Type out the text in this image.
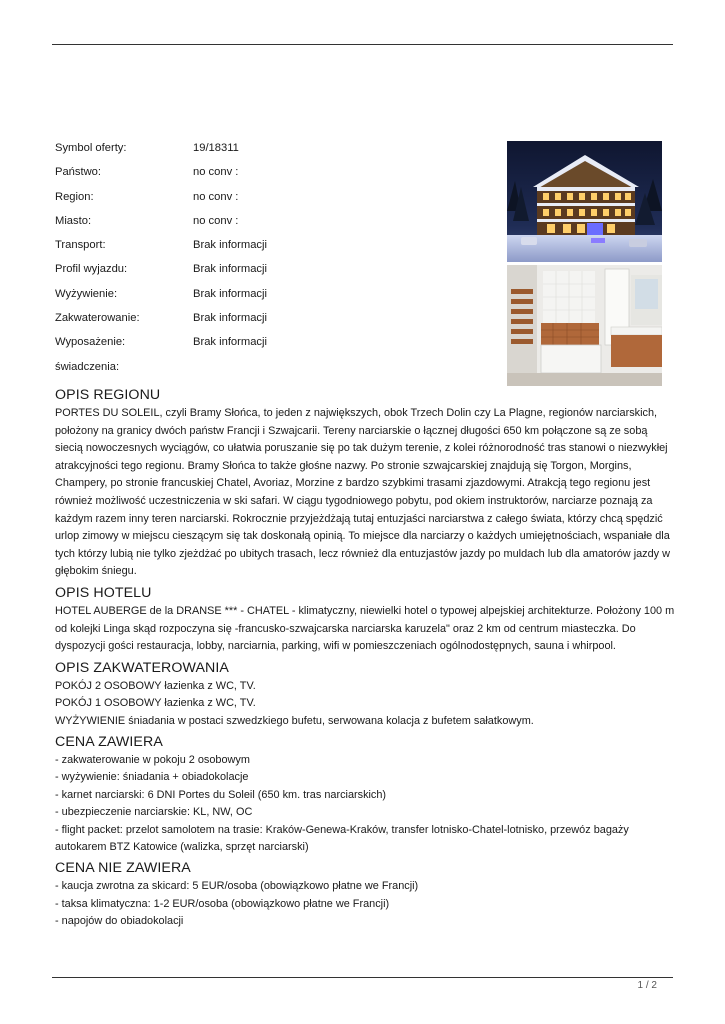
Symbol oferty:	19/18311
Państwo:	no conv :
Region:	no conv :
Miasto:	no conv :
Transport:	Brak informacji
Profil wyjazdu:	Brak informacji
Wyżywienie:	Brak informacji
Zakwaterowanie:	Brak informacji
Wyposażenie:	Brak informacji
świadczenia:
OPIS REGIONU

PORTES DU SOLEIL, czyli Bramy Słońca, to jeden z największych, obok Trzech Dolin czy La Plagne, regionów narciarskich, położony na granicy dwóch państw Francji i Szwajcarii. Tereny narciarskie o łącznej długości 650 km połączone są ze sobą siecią nowoczesnych wyciągów, co ułatwia poruszanie się po tak dużym terenie, z kolei różnorodność tras stanowi o niezwykłej atrakcyjności tego regionu. Bramy Słońca to także głośne nazwy. Po stronie szwajcarskiej znajdują się Torgon, Morgins, Champery, po stronie francuskiej Chatel, Avoriaz, Morzine z bardzo szybkimi trasami zjazdowymi. Atrakcją tego regionu jest również możliwość uczestniczenia w ski safari. W ciągu tygodniowego pobytu, pod okiem instruktorów, narciarze poznają za każdym razem inny teren narciarski. Rokrocznie przyjeżdżają tutaj entuzjaści narciarstwa z całego świata, którzy chcą spędzić urlop zimowy w miejscu cieszącym się tak doskonałą opinią. To miejsce dla narciarzy o każdych umiejętnościach, wspaniałe dla tych którzy lubią nie tylko zjeżdżać po ubitych trasach, lecz również dla entuzjastów jazdy po muldach lub dla amatorów jazdy w głębokim śniegu.

OPIS HOTELU

HOTEL AUBERGE de la DRANSE *** - CHATEL - klimatyczny, niewielki hotel o typowej alpejskiej architekturze. Położony 100 m od kolejki Linga skąd rozpoczyna się -francusko-szwajcarska narciarska karuzela" oraz 2 km od centrum miasteczka. Do dyspozycji gości restauracja, lobby, narciarnia, parking, wifi w pomieszczeniach ogólnodostępnych, sauna i whirpool.

OPIS ZAKWATEROWANIA
POKÓJ 2 OSOBOWY łazienka z WC, TV.
POKÓJ 1 OSOBOWY łazienka z WC, TV.
WYŻYWIENIE śniadania w postaci szwedzkiego bufetu, serwowana kolacja z bufetem sałatkowym.
CENA ZAWIERA
- zakwaterowanie w pokoju 2 osobowym
- wyżywienie: śniadania + obiadokolacje
- karnet narciarski: 6 DNI Portes du Soleil (650 km. tras narciarskich)
- ubezpieczenie narciarskie: KL, NW, OC
- flight packet: przelot samolotem na trasie: Kraków-Genewa-Kraków, transfer lotnisko-Chatel-lotnisko, przewóz bagaży autokarem BTZ Katowice (walizka, sprzęt narciarski)
CENA NIE ZAWIERA
- kaucja zwrotna za skicard: 5 EUR/osoba (obowiązkowo płatne we Francji)
- taksa klimatyczna: 1-2 EUR/osoba (obowiązkowo płatne we Francji)
- napojów do obiadokolacji
1 / 2
